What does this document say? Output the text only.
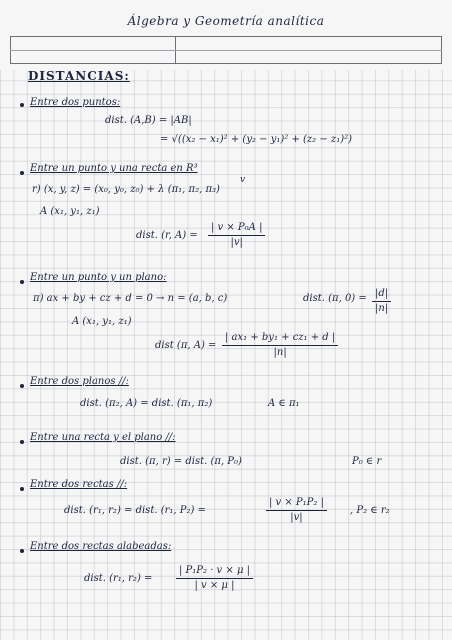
Álgebra y Geometría analítica
DISTANCIAS:
Entre dos puntos:
dist. (A,B) = |AB|
= √((x₂ − x₁)² + (y₂ − y₁)² + (z₂ − z₁)²)
Entre un punto y una recta en R³
v
r) (x, y, z) = (x₀, y₀, z₀) + λ (π₁, π₂, π₃)
A (x₁, y₁, z₁)
dist. (r, $A) = \frac{\text{| v × P₀A |}}{|v|}$
Entre un punto y un plano:
π) ax + by + cz + d = 0 → n = (a, b, c)	dist. (π, $0) = \frac{|d|}{|n|}$
A (x₁, y₁, z₁)
dist (π, $A) = \frac{\text{| ax₁ + by₁ + cz₁ + d |}}{|n|}$
Entre dos planos //:
dist. (π₂, A) = dist. (π₁, π₂)	A ∈ π₁
Entre una recta y el plano //:
dist. (π, r) = dist. (π, P₀)	P₀ ∈ r
Entre dos rectas //:
dist. (r₁, r₂) = dist. (r₁, P₂) =	$\frac{\text{| v × P₁P₂ |}}{|v|}$ , P₂ ∈ r₂
Entre dos rectas alabeadas:
dist. (r₁, $r_2) = \frac{\text{| P₁P₂ · v × μ |}}{| v \times \mu |}$
